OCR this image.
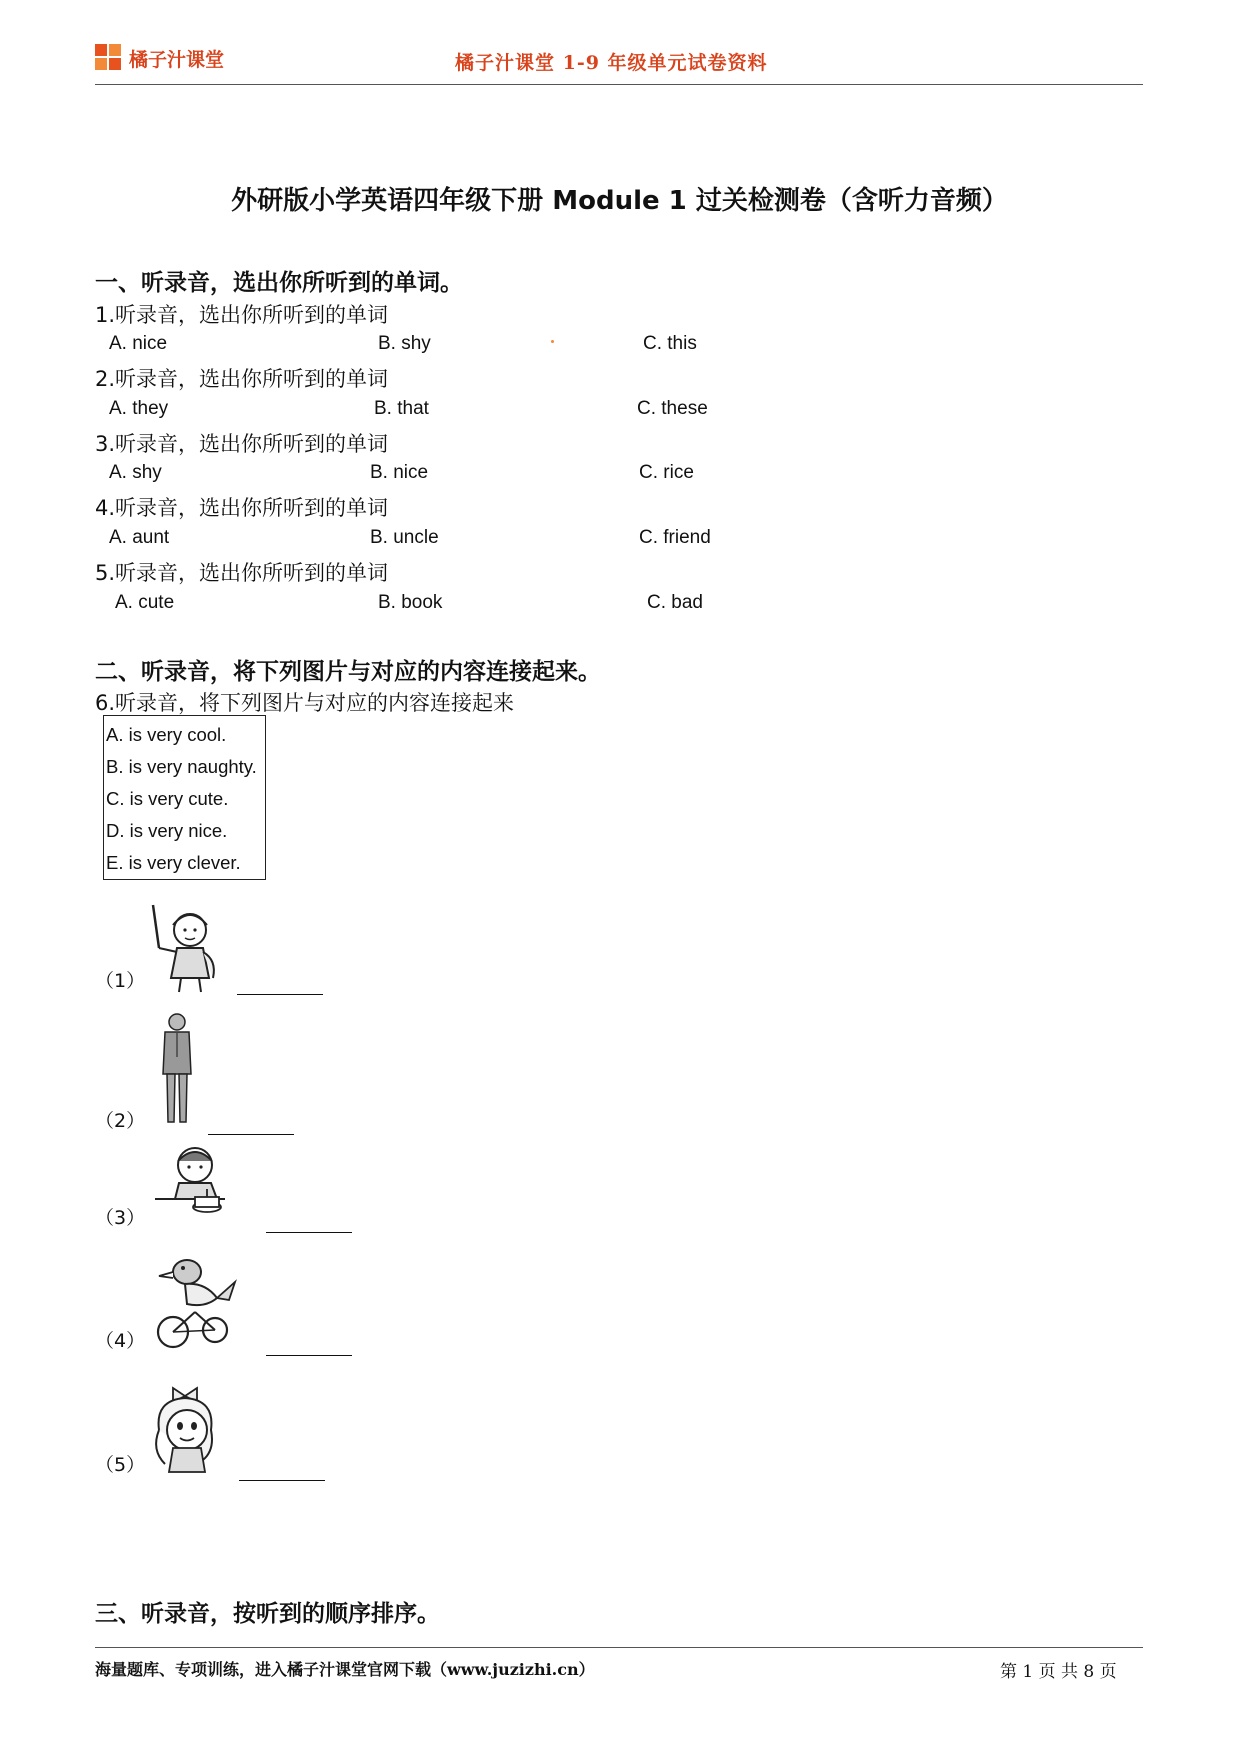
橘子汁课堂	橘子汁课堂 1-9 年级单元试卷资料
外研版小学英语四年级下册 Module 1 过关检测卷（含听力音频）
一、听录音，选出你所听到的单词。
1.听录音，选出你所听到的单词
A. nice	B. shy	C. this
2.听录音，选出你所听到的单词
A. they	B. that	C. these
3.听录音，选出你所听到的单词
A. shy	B. nice	C. rice
4.听录音，选出你所听到的单词
A. aunt	B. uncle	C. friend
5.听录音，选出你所听到的单词
A. cute	B. book	C. bad
二、听录音，将下列图片与对应的内容连接起来。
6.听录音，将下列图片与对应的内容连接起来
A. is very cool.
B. is very naughty.
C. is very cute.
D. is very nice.
E. is very clever.
（1）
（2）
（3）
（4）
（5）
三、听录音，按听到的顺序排序。
海量题库、专项训练，进入橘子汁课堂官网下载（www.juzizhi.cn）	第 1 页 共 8 页
